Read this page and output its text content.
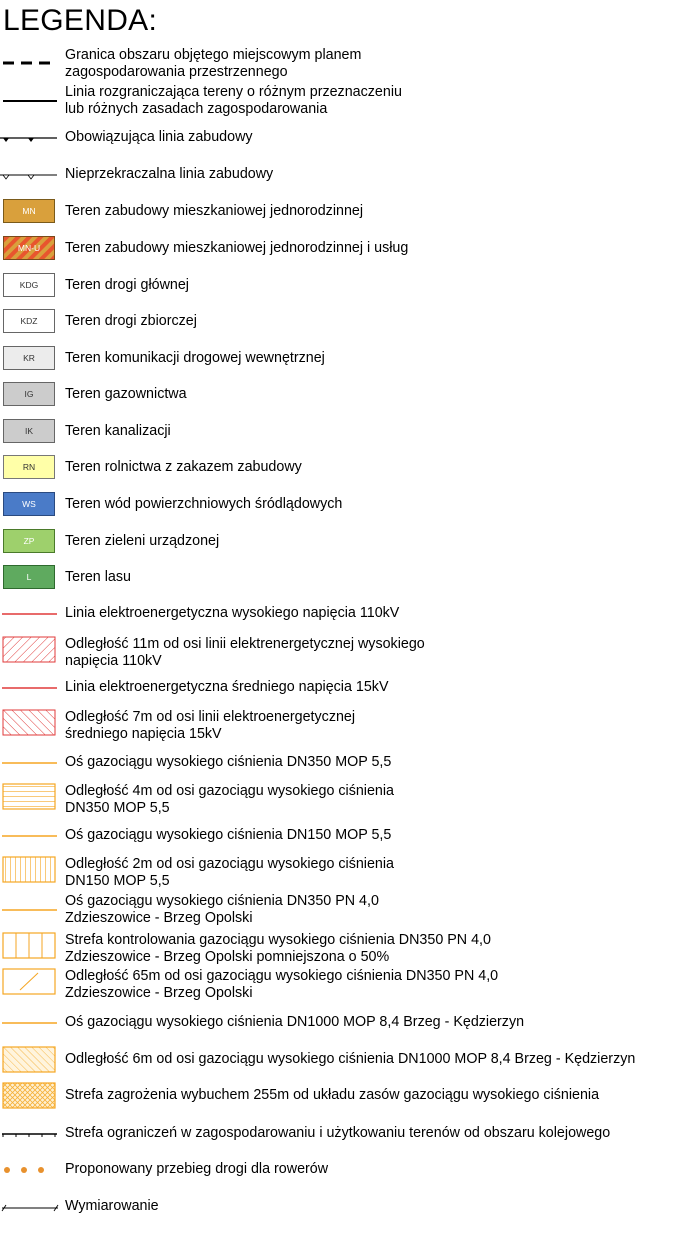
LEGENDA:
Granica obszaru objętego miejscowym planem
zagospodarowania przestrzennego
Linia rozgraniczająca tereny o różnym przeznaczeniu
lub różnych zasadach zagospodarowania
Obowiązująca linia zabudowy
Nieprzekraczalna linia zabudowy
MN Teren zabudowy mieszkaniowej jednorodzinnej
MN-U Teren zabudowy mieszkaniowej jednorodzinnej i usług
KDG Teren drogi głównej
KDZ Teren drogi zbiorczej
KR Teren komunikacji drogowej wewnętrznej
IG Teren gazownictwa
IK Teren kanalizacji
RN Teren rolnictwa z zakazem zabudowy
WS Teren wód powierzchniowych śródlądowych
ZP Teren zieleni urządzonej
L Teren lasu
Linia elektroenergetyczna wysokiego napięcia 110kV
Odległość 11m od osi linii elektrenergetycznej wysokiego
napięcia 110kV
Linia elektroenergetyczna średniego napięcia 15kV
Odległość 7m od osi linii elektroenergetycznej
średniego napięcia 15kV
Oś gazociągu wysokiego ciśnienia DN350 MOP 5,5
Odległość 4m od osi gazociągu wysokiego ciśnienia
DN350 MOP 5,5
Oś gazociągu wysokiego ciśnienia DN150 MOP 5,5
Odległość 2m od osi gazociągu wysokiego ciśnienia
DN150 MOP 5,5
Oś gazociągu wysokiego ciśnienia DN350 PN 4,0
Zdzieszowice - Brzeg Opolski
Strefa kontrolowania gazociągu wysokiego ciśnienia DN350 PN 4,0
Zdzieszowice - Brzeg Opolski pomniejszona o 50%
Odległość 65m od osi gazociągu wysokiego ciśnienia DN350 PN 4,0
Zdzieszowice - Brzeg Opolski
Oś gazociągu wysokiego ciśnienia DN1000 MOP 8,4 Brzeg - Kędzierzyn
Odległość 6m od osi gazociągu wysokiego ciśnienia DN1000 MOP 8,4 Brzeg - Kędzierzyn
Strefa zagrożenia wybuchem 255m od układu zasów gazociągu wysokiego ciśnienia
Strefa ograniczeń w zagospodarowaniu i użytkowaniu terenów od obszaru kolejowego
Proponowany przebieg drogi dla rowerów
Wymiarowanie
